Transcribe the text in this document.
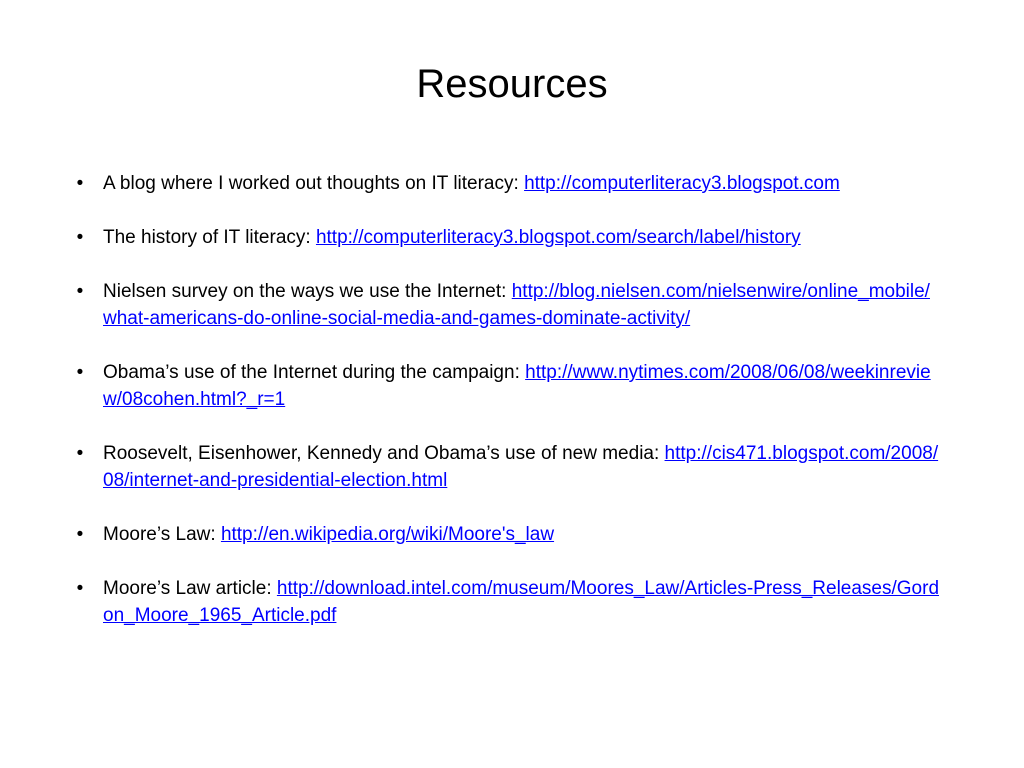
Resources
• A blog where I worked out thoughts on IT literacy: http://computerliteracy3.blogspot.com
• The history of IT literacy: http://computerliteracy3.blogspot.com/search/label/history
• Nielsen survey on the ways we use the Internet: http://blog.nielsen.com/nielsenwire/online_mobile/what-americans-do-online-social-media-and-games-dominate-activity/
• Obama’s use of the Internet during the campaign: http://www.nytimes.com/2008/06/08/weekinreview/08cohen.html?_r=1
• Roosevelt, Eisenhower, Kennedy and Obama’s use of new media: http://cis471.blogspot.com/2008/08/internet-and-presidential-election.html
• Moore’s Law: http://en.wikipedia.org/wiki/Moore's_law
• Moore’s Law article: http://download.intel.com/museum/Moores_Law/Articles-Press_Releases/Gordon_Moore_1965_Article.pdf
